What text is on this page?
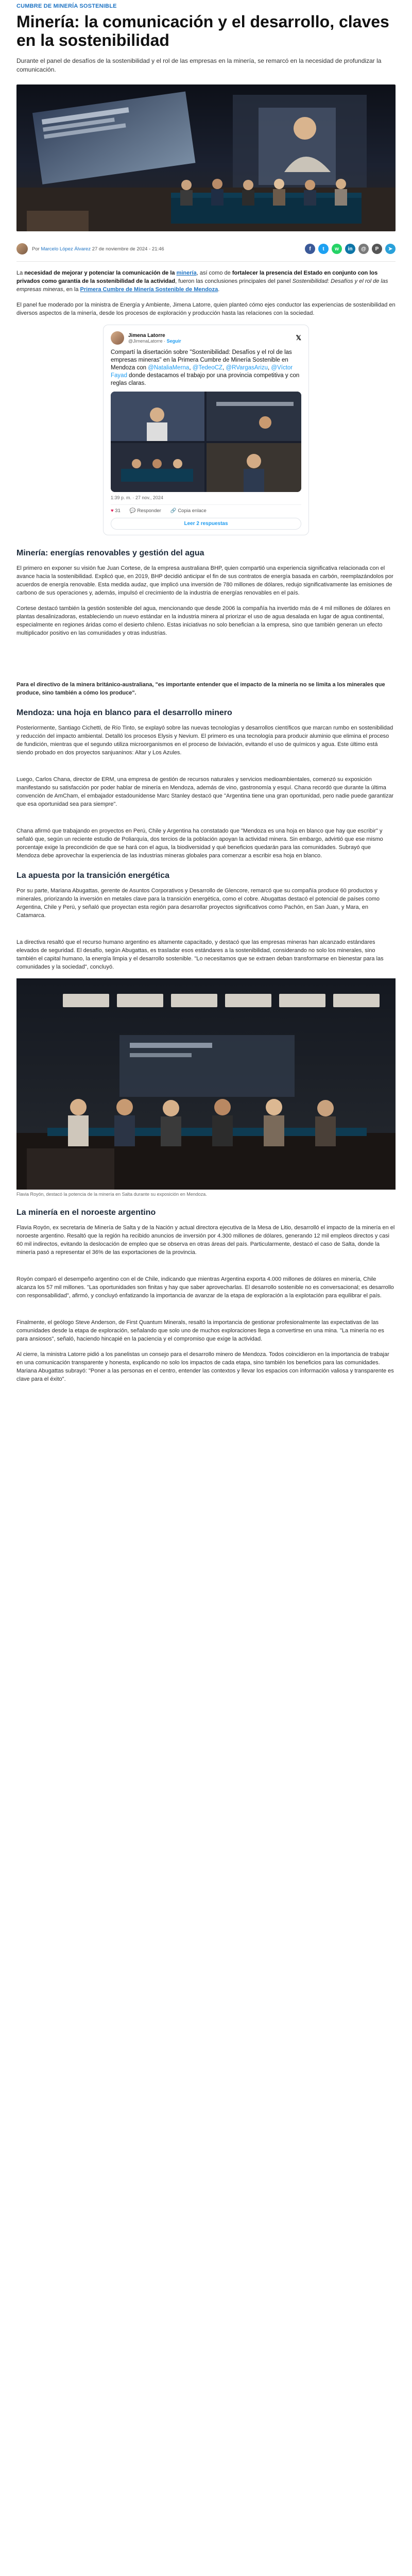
CUMBRE DE MINERÍA SOSTENIBLE
Minería: la comunicación y el desarrollo, claves en la sostenibilidad

Durante el panel de desafíos de la sostenibilidad y el rol de las empresas en la minería, se remarcó en la necesidad de profundizar la comunicación.

Por Marcelo López Álvarez 27 de noviembre de 2024 - 21:46	f	t	w	in	@	P	➤

La necesidad de mejorar y potenciar la comunicación de la minería, así como de fortalecer la presencia del Estado en conjunto con los privados como garantía de la sostenibilidad de la actividad, fueron las conclusiones principales del panel Sostenibilidad: Desafíos y el rol de las empresas mineras, en la Primera Cumbre de Minería Sostenible de Mendoza.

El panel fue moderado por la ministra de Energía y Ambiente, Jimena Latorre, quien planteó cómo ejes conductor las experiencias de sostenibilidad en diversos aspectos de la minería, desde los procesos de exploración y producción hasta las relaciones con la sociedad.

Jimena Latorre
@JimenaLatorre · Seguir	𝕏
Compartí la disertación sobre "Sostenibilidad: Desafíos y el rol de las empresas mineras" en la Primera Cumbre de Minería Sostenible en Mendoza con @NataliaMerna, @TedeoCZ, @RVargasArizu, @Víctor Fayad donde destacamos el trabajo por una provincia competitiva y con reglas claras.
1:39 p. m. · 27 nov., 2024
♥ 31 💬 Responder 🔗 Copia enlace
Leer 2 respuestas
Minería: energías renovables y gestión del agua

El primero en exponer su visión fue Juan Cortese, de la empresa australiana BHP, quien compartió una experiencia significativa relacionada con el avance hacia la sostenibilidad. Explicó que, en 2019, BHP decidió anticipar el fin de sus contratos de energía basada en carbón, reemplazándolos por acuerdos de energía renovable. Esta medida audaz, que implicó una inversión de 780 millones de dólares, redujo significativamente las emisiones de carbono de sus operaciones y, además, impulsó el crecimiento de la industria de energías renovables en el país.

Cortese destacó también la gestión sostenible del agua, mencionando que desde 2006 la compañía ha invertido más de 4 mil millones de dólares en plantas desalinizadoras, estableciendo un nuevo estándar en la industria minera al priorizar el uso de agua desalada en lugar de agua continental, especialmente en regiones áridas como el desierto chileno. Estas iniciativas no solo benefician a la empresa, sino que también generan un efecto multiplicador positivo en las comunidades y otras industrias.

Para el directivo de la minera británico-australiana, "es importante entender que el impacto de la minería no se limita a los minerales que produce, sino también a cómo los produce".

Mendoza: una hoja en blanco para el desarrollo minero

Posteriormente, Santiago Cichetti, de Río Tinto, se explayó sobre las nuevas tecnologías y desarrollos científicos que marcan rumbo en sostenibilidad y reducción del impacto ambiental. Detalló los procesos Elysis y Nevium. El primero es una tecnología para producir aluminio que elimina el proceso de fundición, mientras que el segundo utiliza microorganismos en el proceso de lixiviación, evitando el uso de químicos y agua. Este último está siendo probado en dos proyectos sanjuaninos: Altar y Los Azules.

Luego, Carlos Chana, director de ERM, una empresa de gestión de recursos naturales y servicios medioambientales, comenzó su exposición manifestando su satisfacción por poder hablar de minería en Mendoza, además de vino, gastronomía y esquí. Chana recordó que durante la última convención de AmCham, el embajador estadounidense Marc Stanley destacó que "Argentina tiene una gran oportunidad, pero nadie puede garantizar que esa oportunidad sea para siempre".

Chana afirmó que trabajando en proyectos en Perú, Chile y Argentina ha constatado que "Mendoza es una hoja en blanco que hay que escribir" y señaló que, según un reciente estudio de Poliarquía, dos tercios de la población apoyan la actividad minera. Sin embargo, advirtió que ese mismo porcentaje exige la precondición de que se hará con el agua, la biodiversidad y qué beneficios quedarán para las comunidades. Subrayó que Mendoza debe aprovechar la experiencia de las industrias mineras globales para comenzar a escribir esa hoja en blanco.

La apuesta por la transición energética

Por su parte, Mariana Abugattas, gerente de Asuntos Corporativos y Desarrollo de Glencore, remarcó que su compañía produce 60 productos y minerales, priorizando la inversión en metales clave para la transición energética, como el cobre. Abugattas destacó el potencial de países como Argentina, Chile y Perú, y señaló que proyectan esta región para desarrollar proyectos significativos como Pachón, en San Juan, y Mara, en Catamarca.

La directiva resaltó que el recurso humano argentino es altamente capacitado, y destacó que las empresas mineras han alcanzado estándares elevados de seguridad. El desafío, según Abugattas, es trasladar esos estándares a la sostenibilidad, considerando no solo los minerales, sino también el capital humano, la energía limpia y el desarrollo sostenible. "Lo necesitamos que se extraen deban transformarse en bienestar para las comunidades y la sociedad", concluyó.

Flavia Royón, destacó la potencia de la minería en Salta durante su exposición en Mendoza.
La minería en el noroeste argentino

Flavia Royón, ex secretaria de Minería de Salta y de la Nación y actual directora ejecutiva de la Mesa de Litio, desarrolló el impacto de la minería en el noroeste argentino. Resaltó que la región ha recibido anuncios de inversión por 4.300 millones de dólares, generando 12 mil empleos directos y casi 60 mil indirectos, evitando la deslocación de empleo que se observa en otras áreas del país. Particularmente, destacó el caso de Salta, donde la minería pasó a representar el 36% de las exportaciones de la provincia.

Royón comparó el desempeño argentino con el de Chile, indicando que mientras Argentina exporta 4.000 millones de dólares en minería, Chile alcanza los 57 mil millones. "Las oportunidades son finitas y hay que saber aprovecharlas. El desarrollo sostenible no es conversacional; es desarrollo con responsabilidad", afirmó, y concluyó enfatizando la importancia de avanzar de la etapa de exploración a la explotación para equilibrar el país.

Finalmente, el geólogo Steve Anderson, de First Quantum Minerals, resaltó la importancia de gestionar profesionalmente las expectativas de las comunidades desde la etapa de exploración, señalando que solo uno de muchos exploraciones llega a convertirse en una mina. "La minería no es para ansiosos", señaló, haciendo hincapié en la paciencia y el compromiso que exige la actividad.

Al cierre, la ministra Latorre pidió a los panelistas un consejo para el desarrollo minero de Mendoza. Todos coincidieron en la importancia de trabajar en una comunicación transparente y honesta, explicando no solo los impactos de cada etapa, sino también los beneficios para las comunidades. Mariana Abugattas subrayó: "Poner a las personas en el centro, entender las contextos y llevar los espacios con información valiosa y transparente es clave para el éxito".
